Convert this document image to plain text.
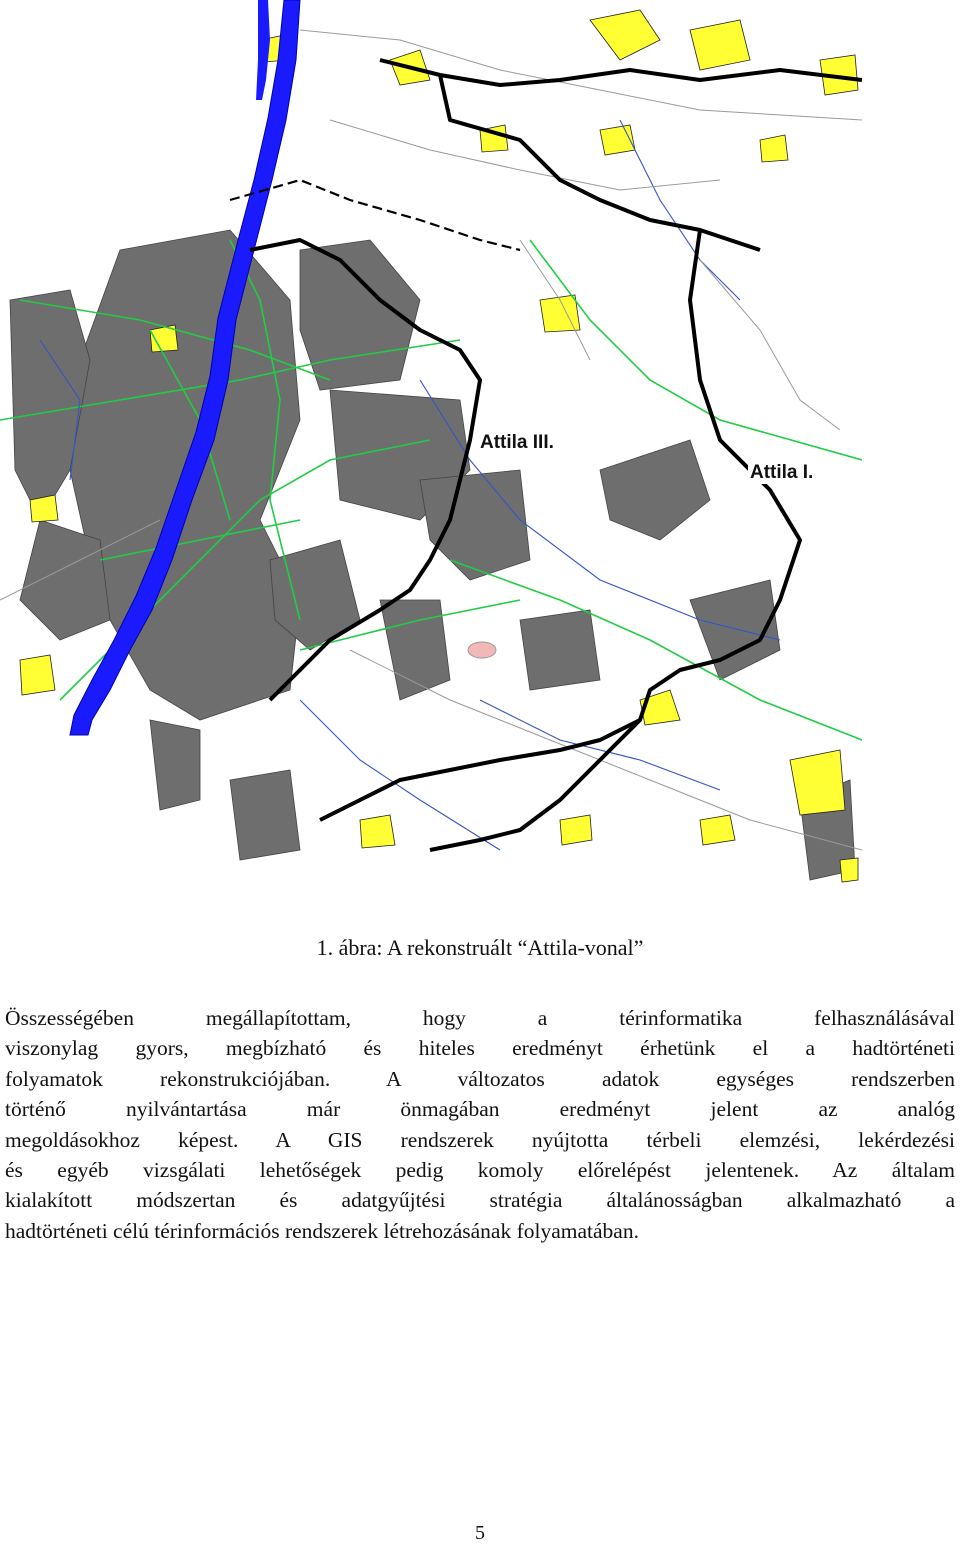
Attila III.
Attila I.
1. ábra: A rekonstruált “Attila-vonal”

Összességében megállapítottam, hogy a térinformatika felhasználásával
viszonylag gyors, megbízható és hiteles eredményt érhetünk el a hadtörténeti
folyamatok rekonstrukciójában. A változatos adatok egységes rendszerben
történő nyilvántartása már önmagában eredményt jelent az analóg
megoldásokhoz képest. A GIS rendszerek nyújtotta térbeli elemzési, lekérdezési
és egyéb vizsgálati lehetőségek pedig komoly előrelépést jelentenek. Az általam
kialakított módszertan és adatgyűjtési stratégia általánosságban alkalmazható a
hadtörténeti célú térinformációs rendszerek létrehozásának folyamatában.

5
